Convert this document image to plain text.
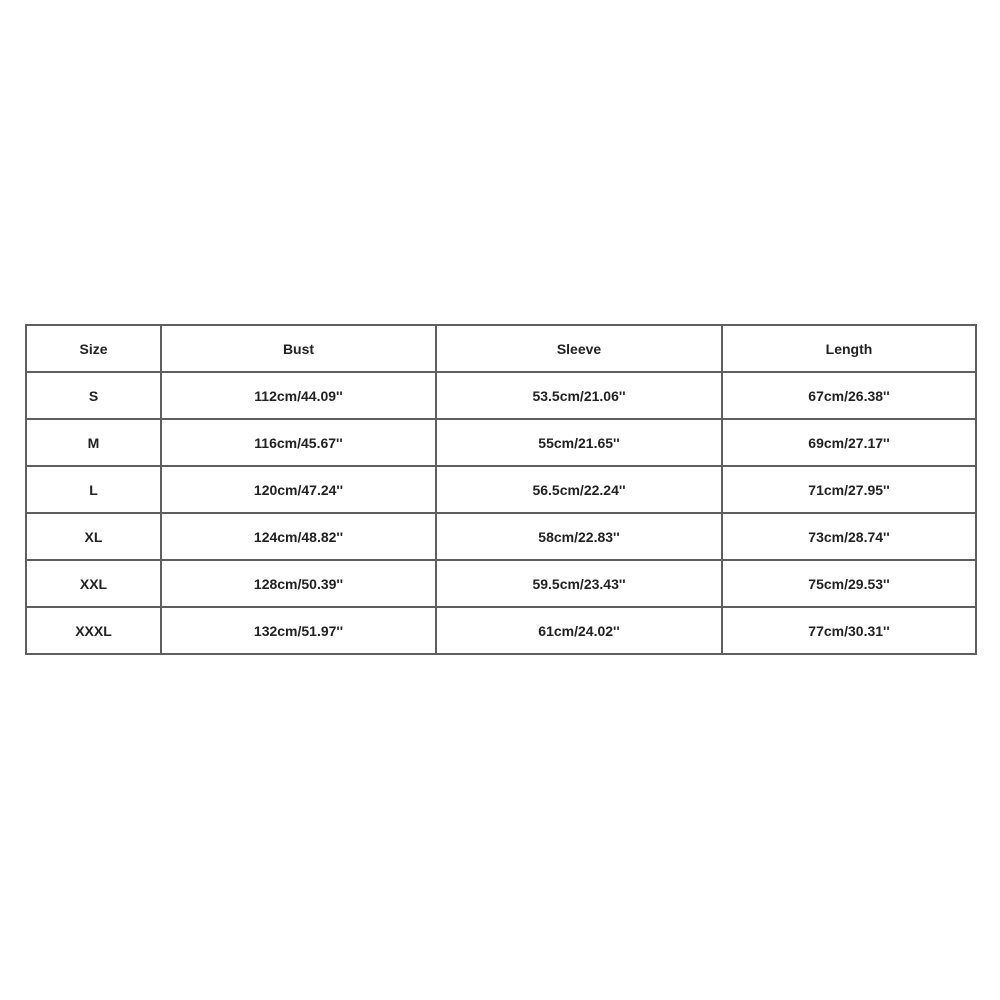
Size	Bust	Sleeve	Length
S	112cm/44.09''	53.5cm/21.06''	67cm/26.38''
M	116cm/45.67''	55cm/21.65''	69cm/27.17''
L	120cm/47.24''	56.5cm/22.24''	71cm/27.95''
XL	124cm/48.82''	58cm/22.83''	73cm/28.74''
XXL	128cm/50.39''	59.5cm/23.43''	75cm/29.53''
XXXL	132cm/51.97''	61cm/24.02''	77cm/30.31''
